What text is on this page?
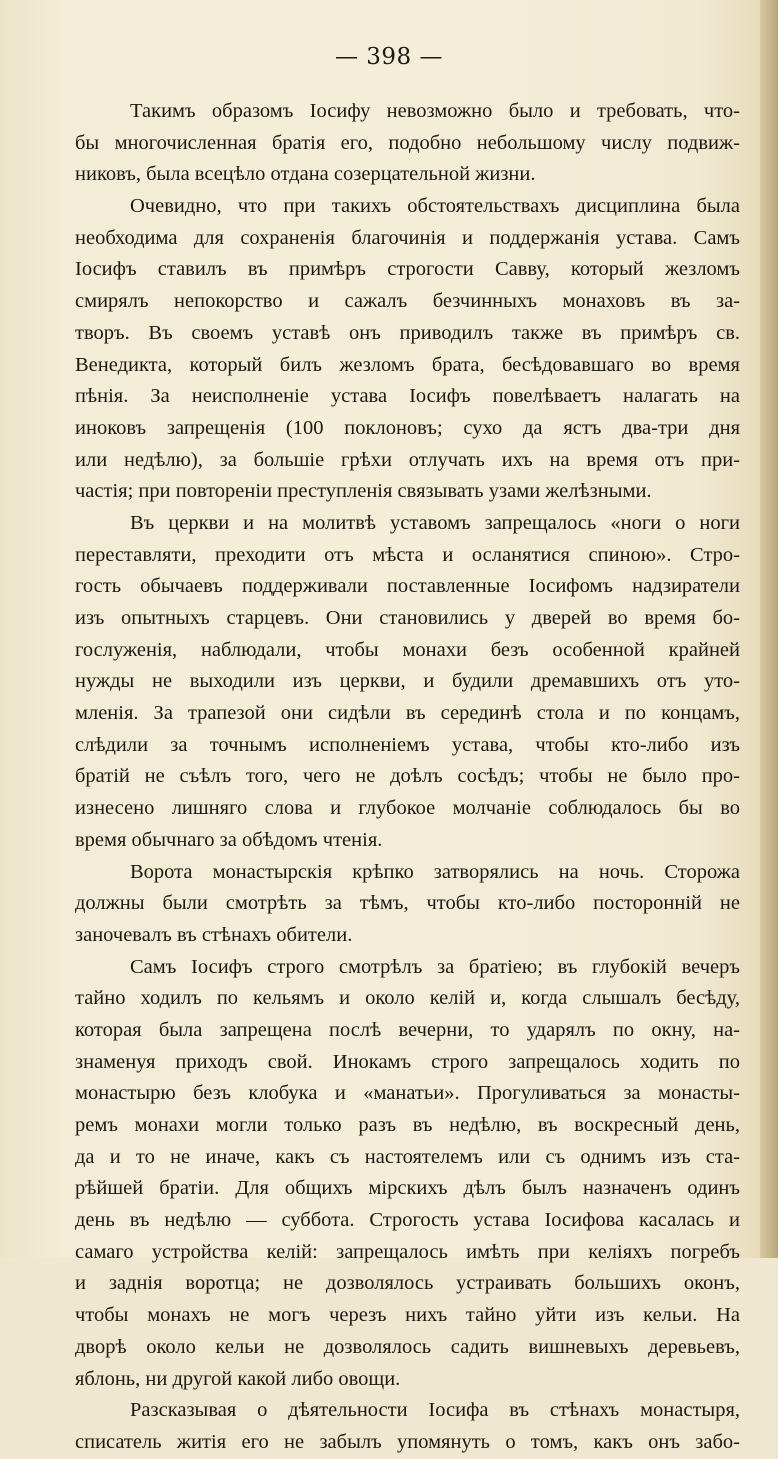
— 398 —
Такимъ образомъ Іосифу невозможно было и требовать, что-
бы многочисленная братія его, подобно небольшому числу подвиж-
никовъ, была всецѣло отдана созерцательной жизни.
Очевидно, что при такихъ обстоятельствахъ дисциплина была
необходима для сохраненія благочинія и поддержанія устава. Самъ
Іосифъ ставилъ въ примѣръ строгости Савву, который жезломъ
смирялъ непокорство и сажалъ безчинныхъ монаховъ въ за-
творъ. Въ своемъ уставѣ онъ приводилъ также въ примѣръ св.
Венедикта, который билъ жезломъ брата, бесѣдовавшаго во время
пѣнія. За неисполненіе устава Іосифъ повелѣваетъ налагать на
иноковъ запрещенія (100 поклоновъ; сухо да ястъ два-три дня
или недѣлю), за большіе грѣхи отлучать ихъ на время отъ при-
частія; при повтореніи преступленія связывать узами желѣзными.
Въ церкви и на молитвѣ уставомъ запрещалось «ноги о ноги
переставляти, преходити отъ мѣста и осланятися спиною». Стро-
гость обычаевъ поддерживали поставленные Іосифомъ надзиратели
изъ опытныхъ старцевъ. Они становились у дверей во время бо-
гослуженія, наблюдали, чтобы монахи безъ особенной крайней
нужды не выходили изъ церкви, и будили дремавшихъ отъ уто-
мленія. За трапезой они сидѣли въ серединѣ стола и по концамъ,
слѣдили за точнымъ исполненіемъ устава, чтобы кто-либо изъ
братій не съѣлъ того, чего не доѣлъ сосѣдъ; чтобы не было про-
изнесено лишняго слова и глубокое молчаніе соблюдалось бы во
время обычнаго за обѣдомъ чтенія.
Ворота монастырскія крѣпко затворялись на ночь. Сторожа
должны были смотрѣть за тѣмъ, чтобы кто-либо посторонній не
заночевалъ въ стѣнахъ обители.
Самъ Іосифъ строго смотрѣлъ за братіею; въ глубокій вечеръ
тайно ходилъ по кельямъ и около келій и, когда слышалъ бесѣду,
которая была запрещена послѣ вечерни, то ударялъ по окну, на-
знаменуя приходъ свой. Инокамъ строго запрещалось ходить по
монастырю безъ клобука и «манатьи». Прогуливаться за монасты-
ремъ монахи могли только разъ въ недѣлю, въ воскресный день,
да и то не иначе, какъ съ настоятелемъ или съ однимъ изъ ста-
рѣйшей братіи. Для общихъ мірскихъ дѣлъ былъ назначенъ одинъ
день въ недѣлю — суббота. Строгость устава Іосифова касалась и
самаго устройства келій: запрещалось имѣть при келіяхъ погребъ
и заднія воротца; не дозволялось устраивать большихъ оконъ,
чтобы монахъ не могъ черезъ нихъ тайно уйти изъ кельи. На
дворѣ около кельи не дозволялось садить вишневыхъ деревьевъ,
яблонь, ни другой какой либо овощи.
Разсказывая о дѣятельности Іосифа въ стѣнахъ монастыря,
списатель житія его не забылъ упомянуть о томъ, какъ онъ забо-
